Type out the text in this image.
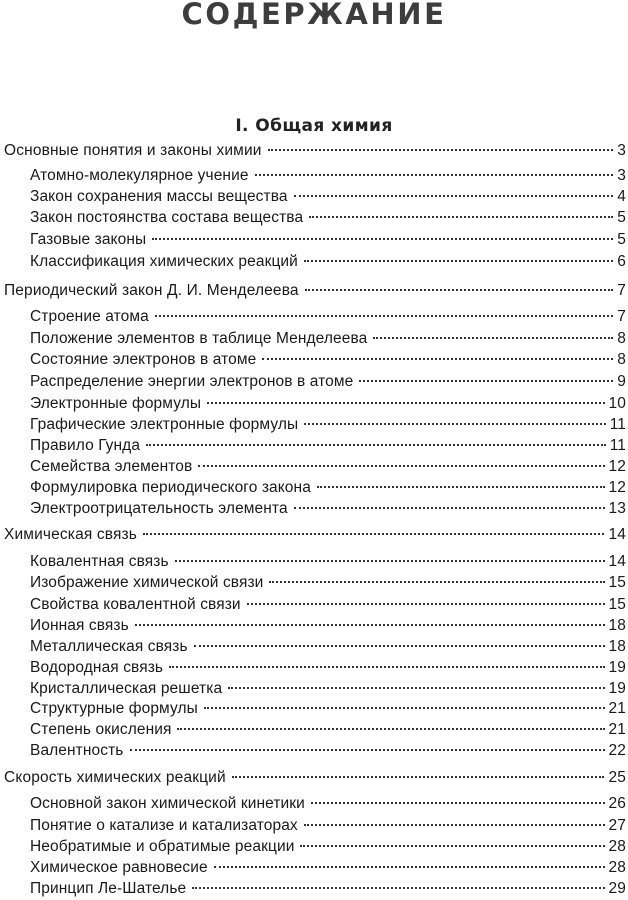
СОДЕРЖАНИЕ
I. Общая химия
Основные понятия и законы химии	3
Атомно-молекулярное учение	3
Закон сохранения массы вещества	4
Закон постоянства состава вещества	5
Газовые законы	5
Классификация химических реакций	6
Периодический закон Д. И. Менделеева	7
Строение атома	7
Положение элементов в таблице Менделеева	8
Состояние электронов в атоме	8
Распределение энергии электронов в атоме	9
Электронные формулы	10
Графические электронные формулы	11
Правило Гунда	11
Семейства элементов	12
Формулировка периодического закона	12
Электроотрицательность элемента	13
Химическая связь	14
Ковалентная связь	14
Изображение химической связи	15
Свойства ковалентной связи	15
Ионная связь	18
Металлическая связь	18
Водородная связь	19
Кристаллическая решетка	19
Структурные формулы	21
Степень окисления	21
Валентность	22
Скорость химических реакций	25
Основной закон химической кинетики	26
Понятие о катализе и катализаторах	27
Необратимые и обратимые реакции	28
Химическое равновесие	28
Принцип Ле-Шателье	29
